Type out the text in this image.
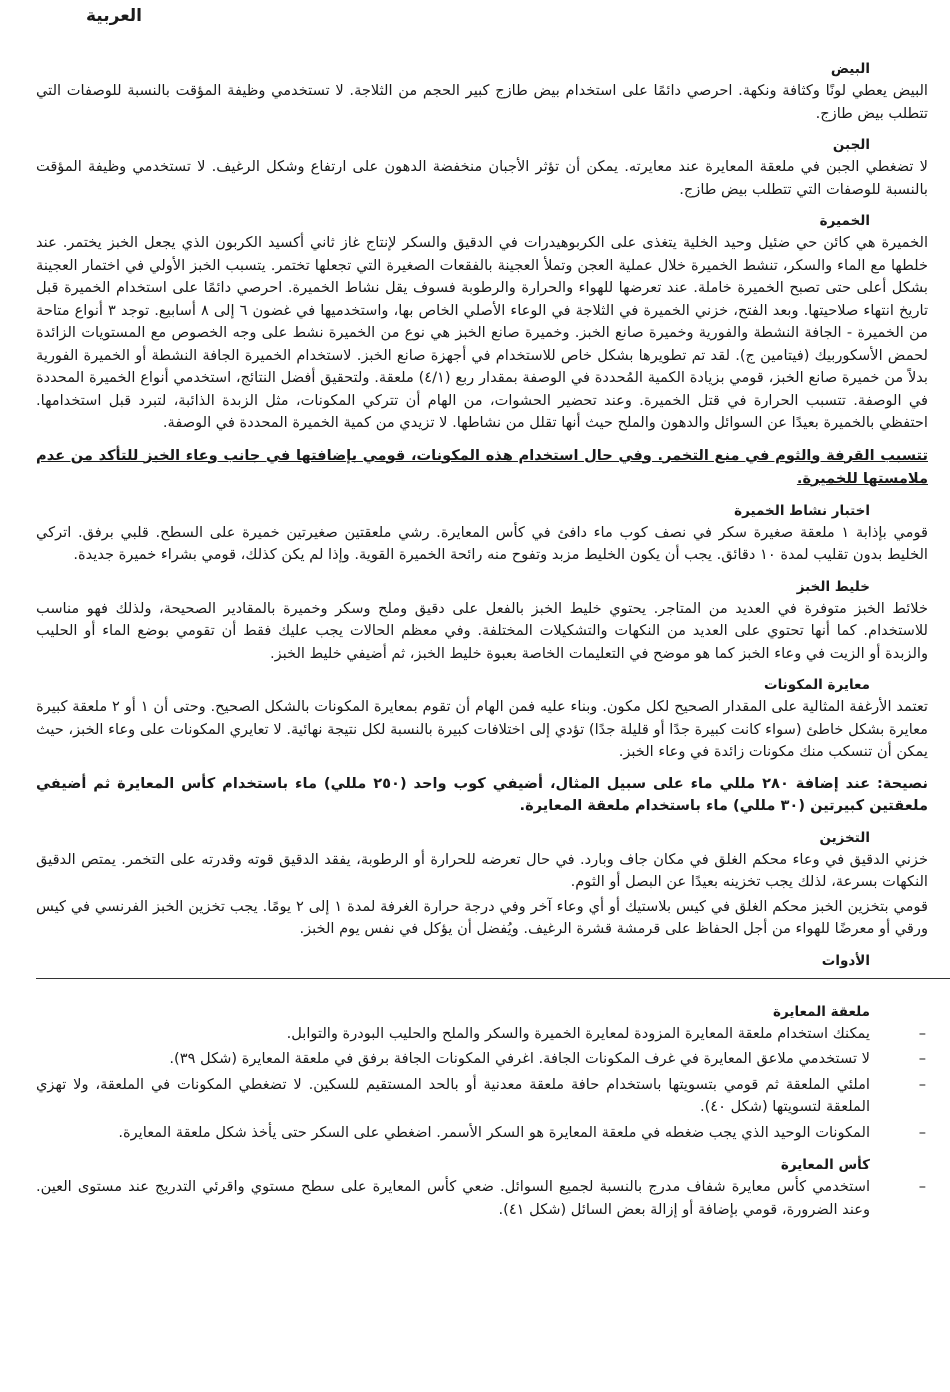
العربية
البيض

البيض يعطي لونًا وكثافة ونكهة. احرصي دائمًا على استخدام بيض طازج كبير الحجم من الثلاجة. لا تستخدمي وظيفة المؤقت بالنسبة للوصفات التي تتطلب بيض طازج.

الجبن

لا تضغطي الجبن في ملعقة المعايرة عند معايرته. يمكن أن تؤثر الأجبان منخفضة الدهون على ارتفاع وشكل الرغيف. لا تستخدمي وظيفة المؤقت بالنسبة للوصفات التي تتطلب بيض طازج.

الخميرة

الخميرة هي كائن حي ضئيل وحيد الخلية يتغذى على الكربوهيدرات في الدقيق والسكر لإنتاج غاز ثاني أكسيد الكربون الذي يجعل الخبز يختمر. عند خلطها مع الماء والسكر، تنشط الخميرة خلال عملية العجن وتملأ العجينة بالفقعات الصغيرة التي تجعلها تختمر. يتسبب الخبز الأولي في اختمار العجينة بشكل أعلى حتى تصبح الخميرة خاملة. عند تعرضها للهواء والحرارة والرطوبة فسوف يقل نشاط الخميرة. احرصي دائمًا على استخدام الخميرة قبل تاريخ انتهاء صلاحيتها. وبعد الفتح، خزني الخميرة في الثلاجة في الوعاء الأصلي الخاص بها، واستخدميها في غضون ٦ إلى ٨ أسابيع. توجد ٣ أنواع متاحة من الخميرة - الجافة النشطة والفورية وخميرة صانع الخبز. وخميرة صانع الخبز هي نوع من الخميرة نشط على وجه الخصوص مع المستويات الزائدة لحمض الأسكوربيك (فيتامين ج). لقد تم تطويرها بشكل خاص للاستخدام في أجهزة صانع الخبز. لاستخدام الخميرة الجافة النشطة أو الخميرة الفورية بدلاً من خميرة صانع الخبز، قومي بزيادة الكمية المُحددة في الوصفة بمقدار ربع (٤/١) ملعقة. ولتحقيق أفضل النتائج، استخدمي أنواع الخميرة المحددة في الوصفة. تتسبب الحرارة في قتل الخميرة. وعند تحضير الحشوات، من الهام أن تتركي المكونات، مثل الزبدة الذائبة، لتبرد قبل استخدامها. احتفظي بالخميرة بعيدًا عن السوائل والدهون والملح حيث أنها تقلل من نشاطها. لا تزيدي من كمية الخميرة المحددة في الوصفة.

تتسبب القرفة والثوم في منع التخمر. وفي حال استخدام هذه المكونات، قومي بإضافتها في جانب وعاء الخبز للتأكد من عدم ملامستها للخميرة.
اختبار نشاط الخميرة

قومي بإذابة ١ ملعقة صغيرة سكر في نصف كوب ماء دافئ في كأس المعايرة. رشي ملعقتين صغيرتين خميرة على السطح. قلبي برفق. اتركي الخليط بدون تقليب لمدة ١٠ دقائق. يجب أن يكون الخليط مزبد وتفوح منه رائحة الخميرة القوية. وإذا لم يكن كذلك، قومي بشراء خميرة جديدة.

خليط الخبز

خلائط الخبز متوفرة في العديد من المتاجر. يحتوي خليط الخبز بالفعل على دقيق وملح وسكر وخميرة بالمقادير الصحيحة، ولذلك فهو مناسب للاستخدام. كما أنها تحتوي على العديد من النكهات والتشكيلات المختلفة. وفي معظم الحالات يجب عليك فقط أن تقومي بوضع الماء أو الحليب والزبدة أو الزيت في وعاء الخبز كما هو موضح في التعليمات الخاصة بعبوة خليط الخبز، ثم أضيفي خليط الخبز.

معايرة المكونات

تعتمد الأرغفة المثالية على المقدار الصحيح لكل مكون. وبناء عليه فمن الهام أن تقوم بمعايرة المكونات بالشكل الصحيح. وحتى أن ١ أو ٢ ملعقة كبيرة معايرة بشكل خاطئ (سواء كانت كبيرة جدًا أو قليلة جدًا) تؤدي إلى اختلافات كبيرة بالنسبة لكل نتيجة نهائية. لا تعايري المكونات على وعاء الخبز، حيث يمكن أن تنسكب منك مكونات زائدة في وعاء الخبز.

نصيحة: عند إضافة ٢٨٠ مللي ماء على سبيل المثال، أضيفي كوب واحد (٢٥٠ مللي) ماء باستخدام كأس المعايرة ثم أضيفي ملعقتين كبيرتين (٣٠ مللي) ماء باستخدام ملعقة المعايرة.
التخزين

خزني الدقيق في وعاء محكم الغلق في مكان جاف وبارد. في حال تعرضه للحرارة أو الرطوبة، يفقد الدقيق قوته وقدرته على التخمر. يمتص الدقيق النكهات بسرعة، لذلك يجب تخزينه بعيدًا عن البصل أو الثوم.

قومي بتخزين الخبز محكم الغلق في كيس بلاستيك أو أي وعاء آخر وفي درجة حرارة الغرفة لمدة ١ إلى ٢ يومًا. يجب تخزين الخبز الفرنسي في كيس ورقي أو معرضًا للهواء من أجل الحفاظ على قرمشة قشرة الرغيف. ويُفضل أن يؤكل في نفس يوم الخبز.

الأدوات
ملعقة المعايرة
– يمكنك استخدام ملعقة المعايرة المزودة لمعايرة الخميرة والسكر والملح والحليب البودرة والتوابل.
– لا تستخدمي ملاعق المعايرة في غرف المكونات الجافة. اغرفي المكونات الجافة برفق في ملعقة المعايرة (شكل ٣٩).
– املئي الملعقة ثم قومي بتسويتها باستخدام حافة ملعقة معدنية أو بالحد المستقيم للسكين. لا تضغطي المكونات في الملعقة، ولا تهزي الملعقة لتسويتها (شكل ٤٠).
– المكونات الوحيد الذي يجب ضغطه في ملعقة المعايرة هو السكر الأسمر. اضغطي على السكر حتى يأخذ شكل ملعقة المعايرة.
كأس المعايرة
– استخدمي كأس معايرة شفاف مدرج بالنسبة لجميع السوائل. ضعي كأس المعايرة على سطح مستوي واقرئي التدريج عند مستوى العين. وعند الضرورة، قومي بإضافة أو إزالة بعض السائل (شكل ٤١).
